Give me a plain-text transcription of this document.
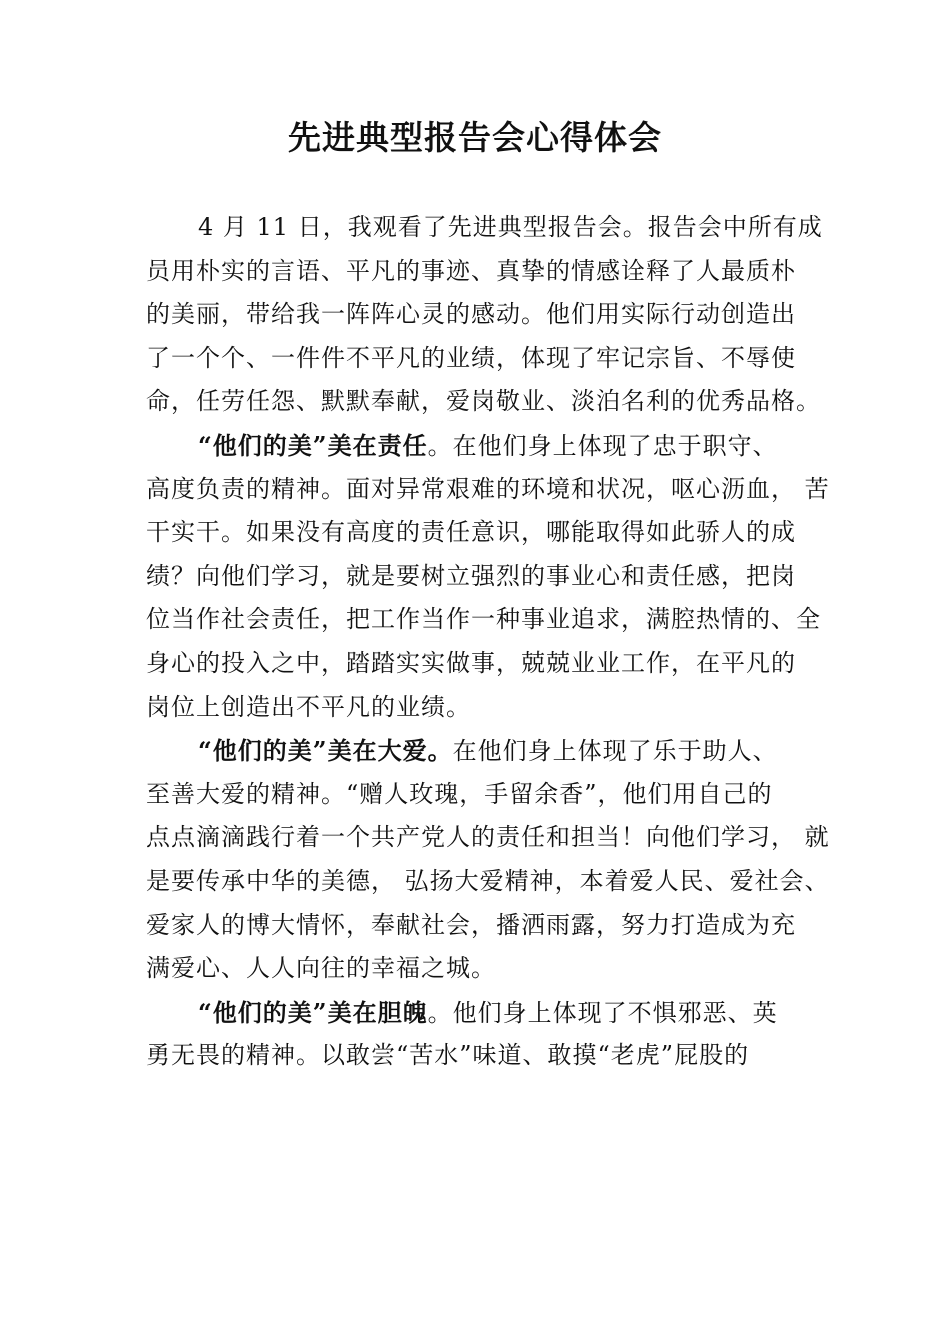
先进典型报告会心得体会
4 月 11 日，我观看了先进典型报告会。报告会中所有成
员用朴实的言语、平凡的事迹、真挚的情感诠释了人最质朴
的美丽，带给我一阵阵心灵的感动。他们用实际行动创造出
了一个个、一件件不平凡的业绩，体现了牢记宗旨、不辱使
命，任劳任怨、默默奉献，爱岗敬业、淡泊名利的优秀品格。
“他们的美”美在责任。在他们身上体现了忠于职守、
高度负责的精神。面对异常艰难的环境和状况，呕心沥血， 苦
干实干。如果没有高度的责任意识，哪能取得如此骄人的成
绩？向他们学习，就是要树立强烈的事业心和责任感，把岗
位当作社会责任，把工作当作一种事业追求，满腔热情的、全
身心的投入之中，踏踏实实做事，兢兢业业工作，在平凡的
岗位上创造出不平凡的业绩。
“他们的美”美在大爱。在他们身上体现了乐于助人、
至善大爱的精神。“赠人玫瑰，手留余香”，他们用自己的
点点滴滴践行着一个共产党人的责任和担当！向他们学习， 就
是要传承中华的美德， 弘扬大爱精神，本着爱人民、爱社会、
爱家人的博大情怀，奉献社会，播洒雨露，努力打造成为充
满爱心、人人向往的幸福之城。
“他们的美”美在胆魄。他们身上体现了不惧邪恶、英
勇无畏的精神。以敢尝“苦水”味道、敢摸“老虎”屁股的
